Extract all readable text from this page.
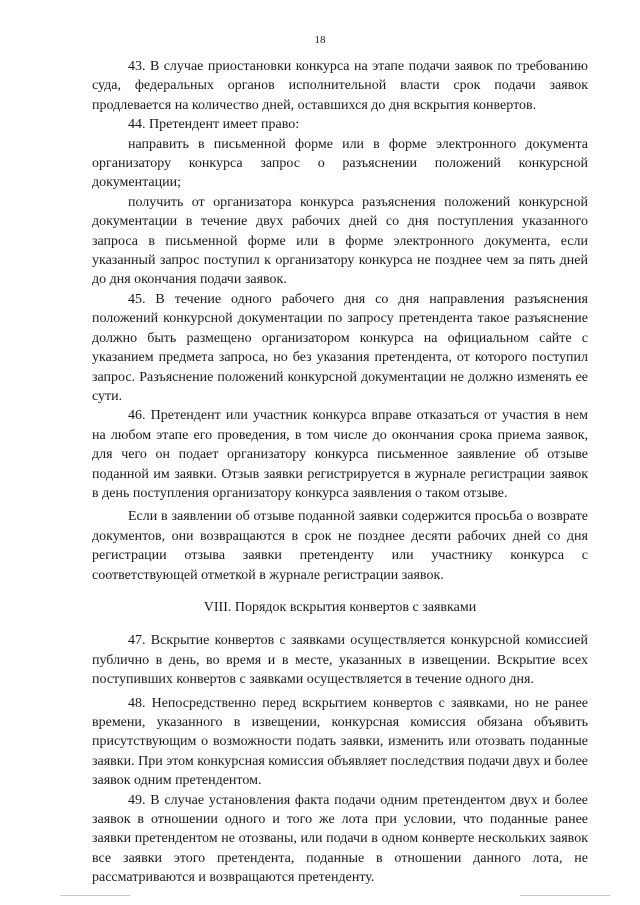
18

43. В случае приостановки конкурса на этапе подачи заявок по требованию суда, федеральных органов исполнительной власти срок подачи заявок продлевается на количество дней, оставшихся до дня вскрытия конвертов.

44. Претендент имеет право:

направить в письменной форме или в форме электронного документа организатору конкурса запрос о разъяснении положений конкурсной документации;

получить от организатора конкурса разъяснения положений конкурсной документации в течение двух рабочих дней со дня поступления указанного запроса в письменной форме или в форме электронного документа, если указанный запрос поступил к организатору конкурса не позднее чем за пять дней до дня окончания подачи заявок.

45. В течение одного рабочего дня со дня направления разъяснения положений конкурсной документации по запросу претендента такое разъяснение должно быть размещено организатором конкурса на официальном сайте с указанием предмета запроса, но без указания претендента, от которого поступил запрос. Разъяснение положений конкурсной документации не должно изменять ее сути.

46. Претендент или участник конкурса вправе отказаться от участия в нем на любом этапе его проведения, в том числе до окончания срока приема заявок, для чего он подает организатору конкурса письменное заявление об отзыве поданной им заявки. Отзыв заявки регистрируется в журнале регистрации заявок в день поступления организатору конкурса заявления о таком отзыве.

Если в заявлении об отзыве поданной заявки содержится просьба о возврате документов, они возвращаются в срок не позднее десяти рабочих дней со дня регистрации отзыва заявки претенденту или участнику конкурса с соответствующей отметкой в журнале регистрации заявок.

VIII. Порядок вскрытия конвертов с заявками

47. Вскрытие конвертов с заявками осуществляется конкурсной комиссией публично в день, во время и в месте, указанных в извещении. Вскрытие всех поступивших конвертов с заявками осуществляется в течение одного дня.

48. Непосредственно перед вскрытием конвертов с заявками, но не ранее времени, указанного в извещении, конкурсная комиссия обязана объявить присутствующим о возможности подать заявки, изменить или отозвать поданные заявки. При этом конкурсная комиссия объявляет последствия подачи двух и более заявок одним претендентом.

49. В случае установления факта подачи одним претендентом двух и более заявок в отношении одного и того же лота при условии, что поданные ранее заявки претендентом не отозваны, или подачи в одном конверте нескольких заявок все заявки этого претендента, поданные в отношении данного лота, не рассматриваются и возвращаются претенденту.
